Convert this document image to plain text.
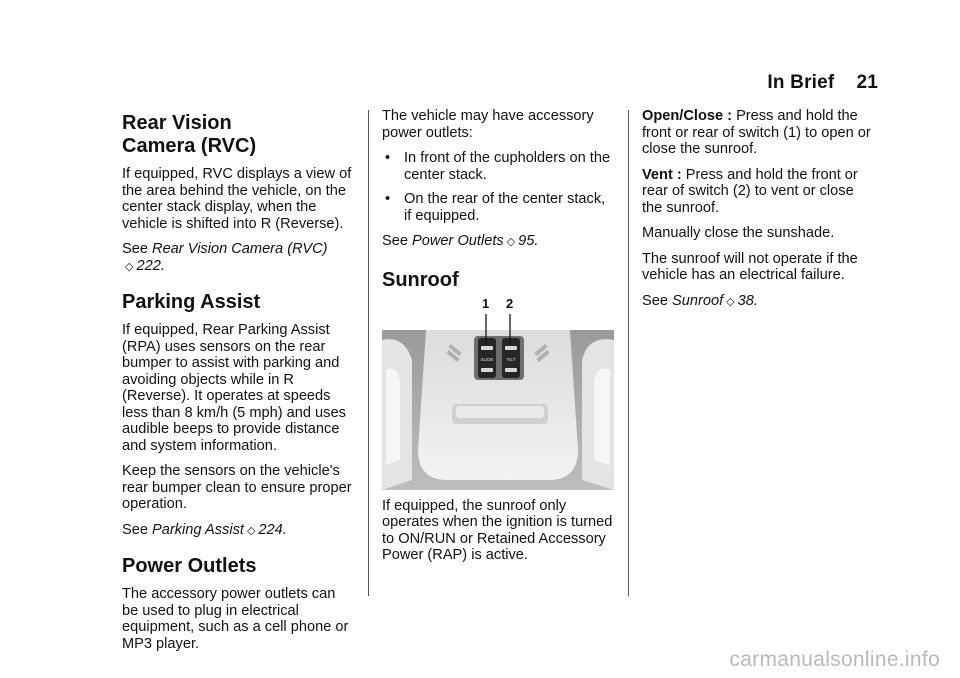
In Brief 21
Rear Vision
Camera (RVC)

If equipped, RVC displays a view of the area behind the vehicle, on the center stack display, when the vehicle is shifted into R (Reverse).

See Rear Vision Camera (RVC)
◇ 222.

Parking Assist

If equipped, Rear Parking Assist (RPA) uses sensors on the rear bumper to assist with parking and avoiding objects while in R (Reverse). It operates at speeds less than 8 km/h (5 mph) and uses audible beeps to provide distance and system information.

Keep the sensors on the vehicle's rear bumper clean to ensure proper operation.

See Parking Assist ◇ 224.

Power Outlets

The accessory power outlets can be used to plug in electrical equipment, such as a cell phone or MP3 player.

The vehicle may have accessory power outlets:

• In front of the cupholders on the center stack.
• On the rear of the center stack, if equipped.

See Power Outlets ◇ 95.

Sunroof
SLIDE	TILT
1 2

If equipped, the sunroof only operates when the ignition is turned to ON/RUN or Retained Accessory Power (RAP) is active.

Open/Close : Press and hold the front or rear of switch (1) to open or close the sunroof.

Vent : Press and hold the front or rear of switch (2) to vent or close the sunroof.

Manually close the sunshade.

The sunroof will not operate if the vehicle has an electrical failure.

See Sunroof ◇ 38.

carmanualsonline.info
